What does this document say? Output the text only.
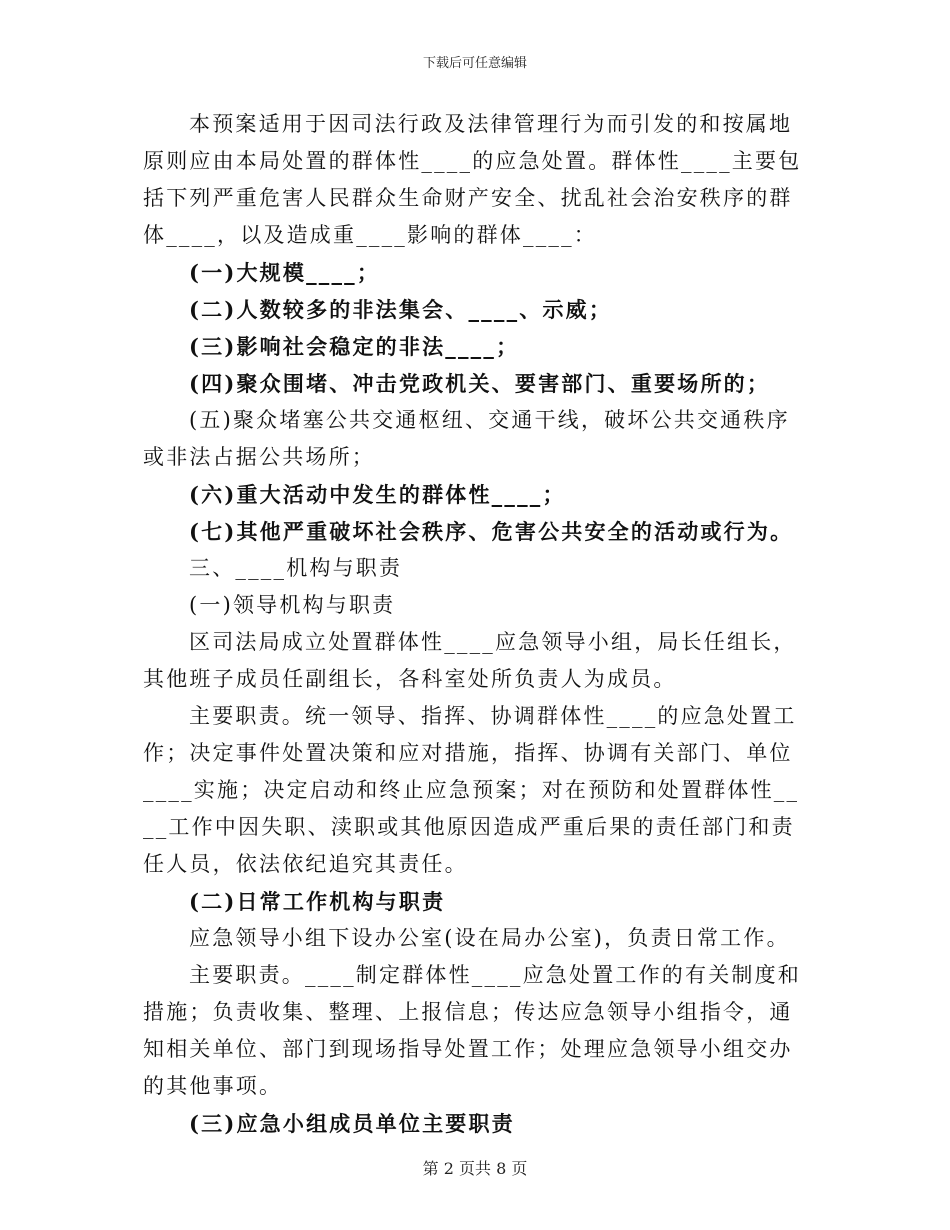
下载后可任意编辑

本预案适用于因司法行政及法律管理行为而引发的和按属地原则应由本局处置的群体性____的应急处置。群体性____主要包括下列严重危害人民群众生命财产安全、扰乱社会治安秩序的群体____，以及造成重____影响的群体____：

(一)大规模____；

(二)人数较多的非法集会、____、示威；

(三)影响社会稳定的非法____；

(四)聚众围堵、冲击党政机关、要害部门、重要场所的；

(五)聚众堵塞公共交通枢纽、交通干线，破坏公共交通秩序或非法占据公共场所；

(六)重大活动中发生的群体性____；

(七)其他严重破坏社会秩序、危害公共安全的活动或行为。

三、____机构与职责

(一)领导机构与职责

区司法局成立处置群体性____应急领导小组，局长任组长，其他班子成员任副组长，各科室处所负责人为成员。

主要职责。统一领导、指挥、协调群体性____的应急处置工作；决定事件处置决策和应对措施，指挥、协调有关部门、单位____实施；决定启动和终止应急预案；对在预防和处置群体性____工作中因失职、渎职或其他原因造成严重后果的责任部门和责任人员，依法依纪追究其责任。

(二)日常工作机构与职责

应急领导小组下设办公室(设在局办公室)，负责日常工作。

主要职责。____制定群体性____应急处置工作的有关制度和措施；负责收集、整理、上报信息；传达应急领导小组指令，通知相关单位、部门到现场指导处置工作；处理应急领导小组交办的其他事项。

(三)应急小组成员单位主要职责

第 2 页共 8 页
